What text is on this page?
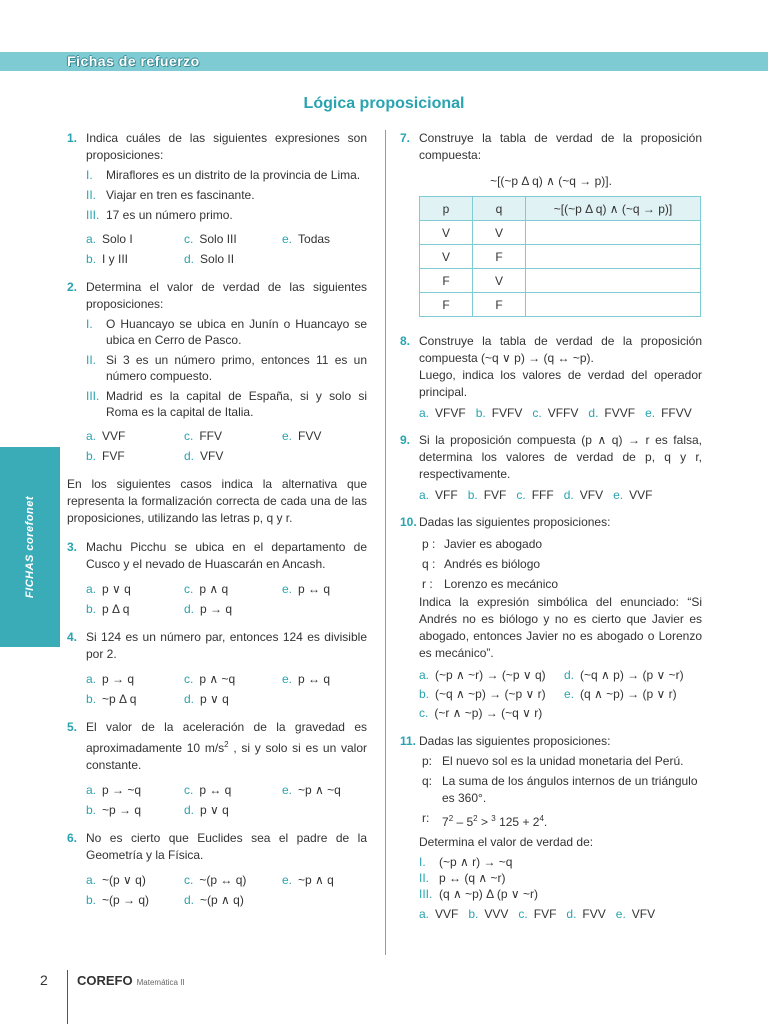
Fichas de refuerzo
Lógica proposicional
FICHAS corefonet
1. Indica cuáles de las siguientes expresiones son proposiciones:
I. Miraflores es un distrito de la provincia de Lima.
II. Viajar en tren es fascinante.
III. 17 es un número primo.
a. Solo I	c. Solo III	e. Todas
b. I y III	d. Solo II
2. Determina el valor de verdad de las siguientes proposiciones:
I. O Huancayo se ubica en Junín o Huancayo se ubica en Cerro de Pasco.
II. Si 3 es un número primo, entonces 11 es un número compuesto.
III. Madrid es la capital de España, si y solo si Roma es la capital de Italia.
a. VVF	c. FFV	e. FVV
b. FVF	d. VFV
En los siguientes casos indica la alternativa que representa la formalización correcta de cada una de las proposiciones, utilizando las letras p, q y r.
3. Machu Picchu se ubica en el departamento de Cusco y el nevado de Huascarán en Ancash.
a. p ∨ q	c. p ∧ q	e. p ↔ q
b. p Δ q	d. p → q
4. Si 124 es un número par, entonces 124 es divisible por 2.
a. p → q	c. p ∧ ~q	e. p ↔ q
b. ~p Δ q	d. p ∨ q
5. El valor de la aceleración de la gravedad es aproximadamente 10 $m/s^2$ , si y solo si es un valor constante.
a. p → ~q	c. p ↔ q	e. ~p ∧ ~q
b. ~p → q	d. p ∨ q
6. No es cierto que Euclides sea el padre de la Geometría y la Física.
a. ~(p ∨ q)	c. ~(p ↔ q)	e. ~p ∧ q
b. ~(p → q)	d. ~(p ∧ q)
7. Construye la tabla de verdad de la proposición compuesta:
~[(~p Δ q) ∧ (~q → p)].
p	q	~[(~p Δ q) ∧ (~q → p)]
V	V	
V	F	
F	V	
F	F	
8. Construye la tabla de verdad de la proposición compuesta (~q ∨ p) → (q ↔ ~p).
Luego, indica los valores de verdad del operador principal.
a. VFVF b. FVFV c. VFFV d. FVVF e. FFVV
9. Si la proposición compuesta (p ∧ q) → r es falsa, determina los valores de verdad de p, q y r, respectivamente.
a. VFF b. FVF c. FFF d. VFV e. VVF
10. Dadas las siguientes proposiciones:
p : Javier es abogado
q : Andrés es biólogo
r : Lorenzo es mecánico
Indica la expresión simbólica del enunciado: “Si Andrés no es biólogo y no es cierto que Javier es abogado, entonces Javier no es abogado o Lorenzo es mecánico”.
a. (~p ∧ ~r) → (~p ∨ q)	d. (~q ∧ p) → (p ∨ ~r)
b. (~q ∧ ~p) → (~p ∨ r)	e. (q ∧ ~p) → (p ∨ r)
c. (~r ∧ ~p) → (~q ∨ r)
11. Dadas las siguientes proposiciones:
p: El nuevo sol es la unidad monetaria del Perú.
q: La suma de los ángulos internos de un triángulo es 360°.
r: $7^2 - 5^2 > ^3$ $125 + 2^4$.
Determina el valor de verdad de:
I. (~p ∧ r) → ~q
II. p ↔ (q ∧ ~r)
III. (q ∧ ~p) Δ (p ∨ ~r)
a. VVF b. VVV c. FVF d. FVV e. VFV
2 COREFO Matemática II
